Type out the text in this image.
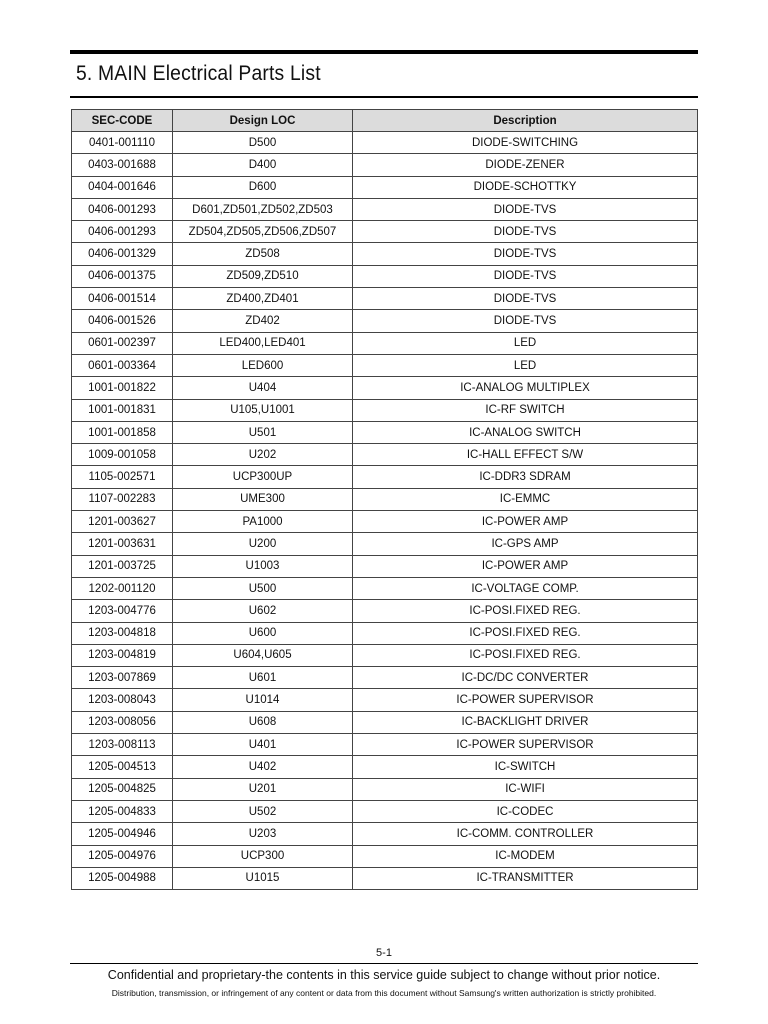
5. MAIN Electrical Parts List
SEC-CODE	Design LOC	Description
0401-001110	D500	DIODE-SWITCHING
0403-001688	D400	DIODE-ZENER
0404-001646	D600	DIODE-SCHOTTKY
0406-001293	D601,ZD501,ZD502,ZD503	DIODE-TVS
0406-001293	ZD504,ZD505,ZD506,ZD507	DIODE-TVS
0406-001329	ZD508	DIODE-TVS
0406-001375	ZD509,ZD510	DIODE-TVS
0406-001514	ZD400,ZD401	DIODE-TVS
0406-001526	ZD402	DIODE-TVS
0601-002397	LED400,LED401	LED
0601-003364	LED600	LED
1001-001822	U404	IC-ANALOG MULTIPLEX
1001-001831	U105,U1001	IC-RF SWITCH
1001-001858	U501	IC-ANALOG SWITCH
1009-001058	U202	IC-HALL EFFECT S/W
1105-002571	UCP300UP	IC-DDR3 SDRAM
1107-002283	UME300	IC-EMMC
1201-003627	PA1000	IC-POWER AMP
1201-003631	U200	IC-GPS AMP
1201-003725	U1003	IC-POWER AMP
1202-001120	U500	IC-VOLTAGE COMP.
1203-004776	U602	IC-POSI.FIXED REG.
1203-004818	U600	IC-POSI.FIXED REG.
1203-004819	U604,U605	IC-POSI.FIXED REG.
1203-007869	U601	IC-DC/DC CONVERTER
1203-008043	U1014	IC-POWER SUPERVISOR
1203-008056	U608	IC-BACKLIGHT DRIVER
1203-008113	U401	IC-POWER SUPERVISOR
1205-004513	U402	IC-SWITCH
1205-004825	U201	IC-WIFI
1205-004833	U502	IC-CODEC
1205-004946	U203	IC-COMM. CONTROLLER
1205-004976	UCP300	IC-MODEM
1205-004988	U1015	IC-TRANSMITTER
5-1
Confidential and proprietary-the contents in this service guide subject to change without prior notice.
Distribution, transmission, or infringement of any content or data from this document without Samsung's written authorization is strictly prohibited.
